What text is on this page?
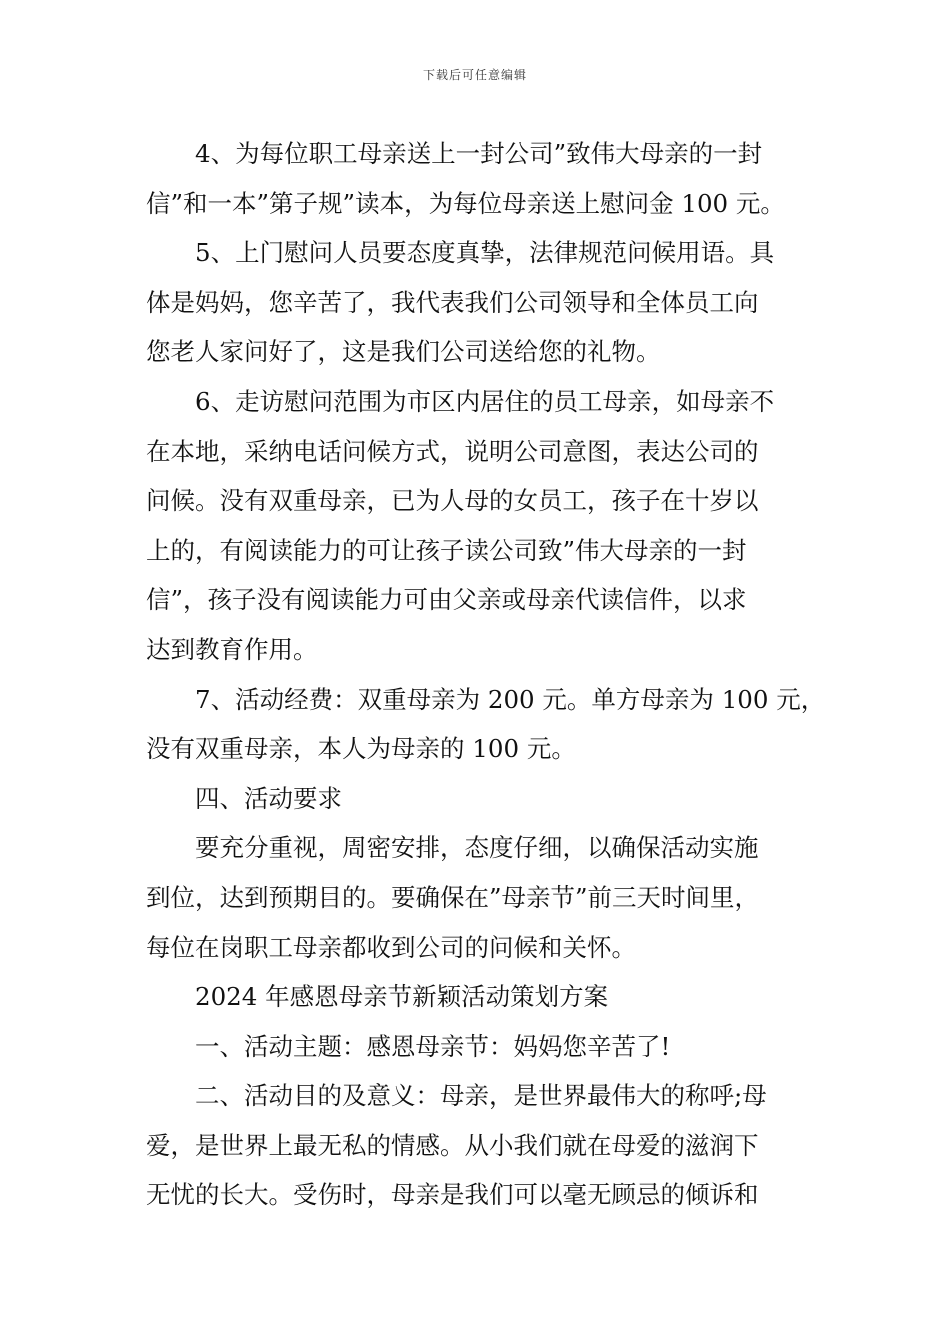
下载后可任意编辑
4、为每位职工母亲送上一封公司”致伟大母亲的一封
信”和一本”第子规”读本，为每位母亲送上慰问金 100 元。
5、上门慰问人员要态度真挚，法律规范问候用语。具
体是妈妈，您辛苦了，我代表我们公司领导和全体员工向
您老人家问好了，这是我们公司送给您的礼物。
6、走访慰问范围为市区内居住的员工母亲，如母亲不
在本地，采纳电话问候方式，说明公司意图，表达公司的
问候。没有双重母亲，已为人母的女员工，孩子在十岁以
上的，有阅读能力的可让孩子读公司致”伟大母亲的一封
信”，孩子没有阅读能力可由父亲或母亲代读信件，以求
达到教育作用。
7、活动经费：双重母亲为 200 元。单方母亲为 100 元，
没有双重母亲，本人为母亲的 100 元。
四、活动要求
要充分重视，周密安排，态度仔细，以确保活动实施
到位，达到预期目的。要确保在”母亲节”前三天时间里，
每位在岗职工母亲都收到公司的问候和关怀。
2024 年感恩母亲节新颖活动策划方案
一、活动主题：感恩母亲节：妈妈您辛苦了!
二、活动目的及意义：母亲，是世界最伟大的称呼;母
爱，是世界上最无私的情感。从小我们就在母爱的滋润下
无忧的长大。受伤时，母亲是我们可以毫无顾忌的倾诉和
